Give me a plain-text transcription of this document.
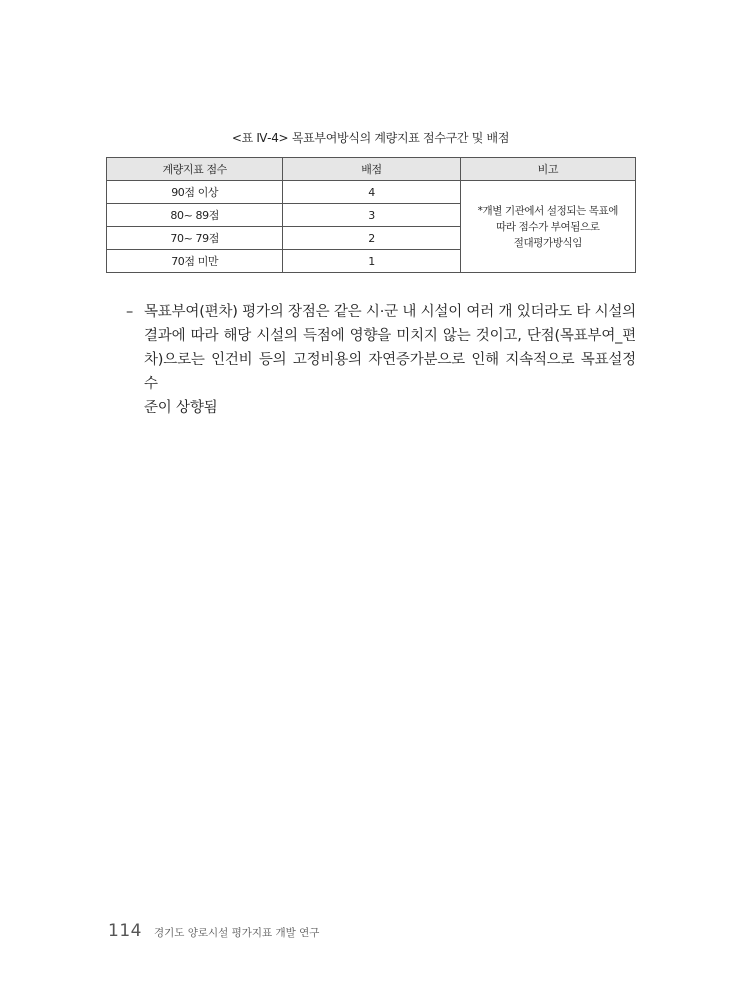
<표 Ⅳ-4> 목표부여방식의 계량지표 점수구간 및 배점
계량지표 점수	배점	비고
90점 이상	4	*개별 기관에서 설정되는 목표에
따라 점수가 부여됨으로
절대평가방식임

80~ 89점	3	
70~ 79점	2	
70점 미만	1	
– 목표부여(편차) 평가의 장점은 같은 시·군 내 시설이 여러 개 있더라도 타 시설의
결과에 따라 해당 시설의 득점에 영향을 미치지 않는 것이고, 단점(목표부여_편
차)으로는 인건비 등의 고정비용의 자연증가분으로 인해 지속적으로 목표설정 수
준이 상향됨
114 경기도 양로시설 평가지표 개발 연구
